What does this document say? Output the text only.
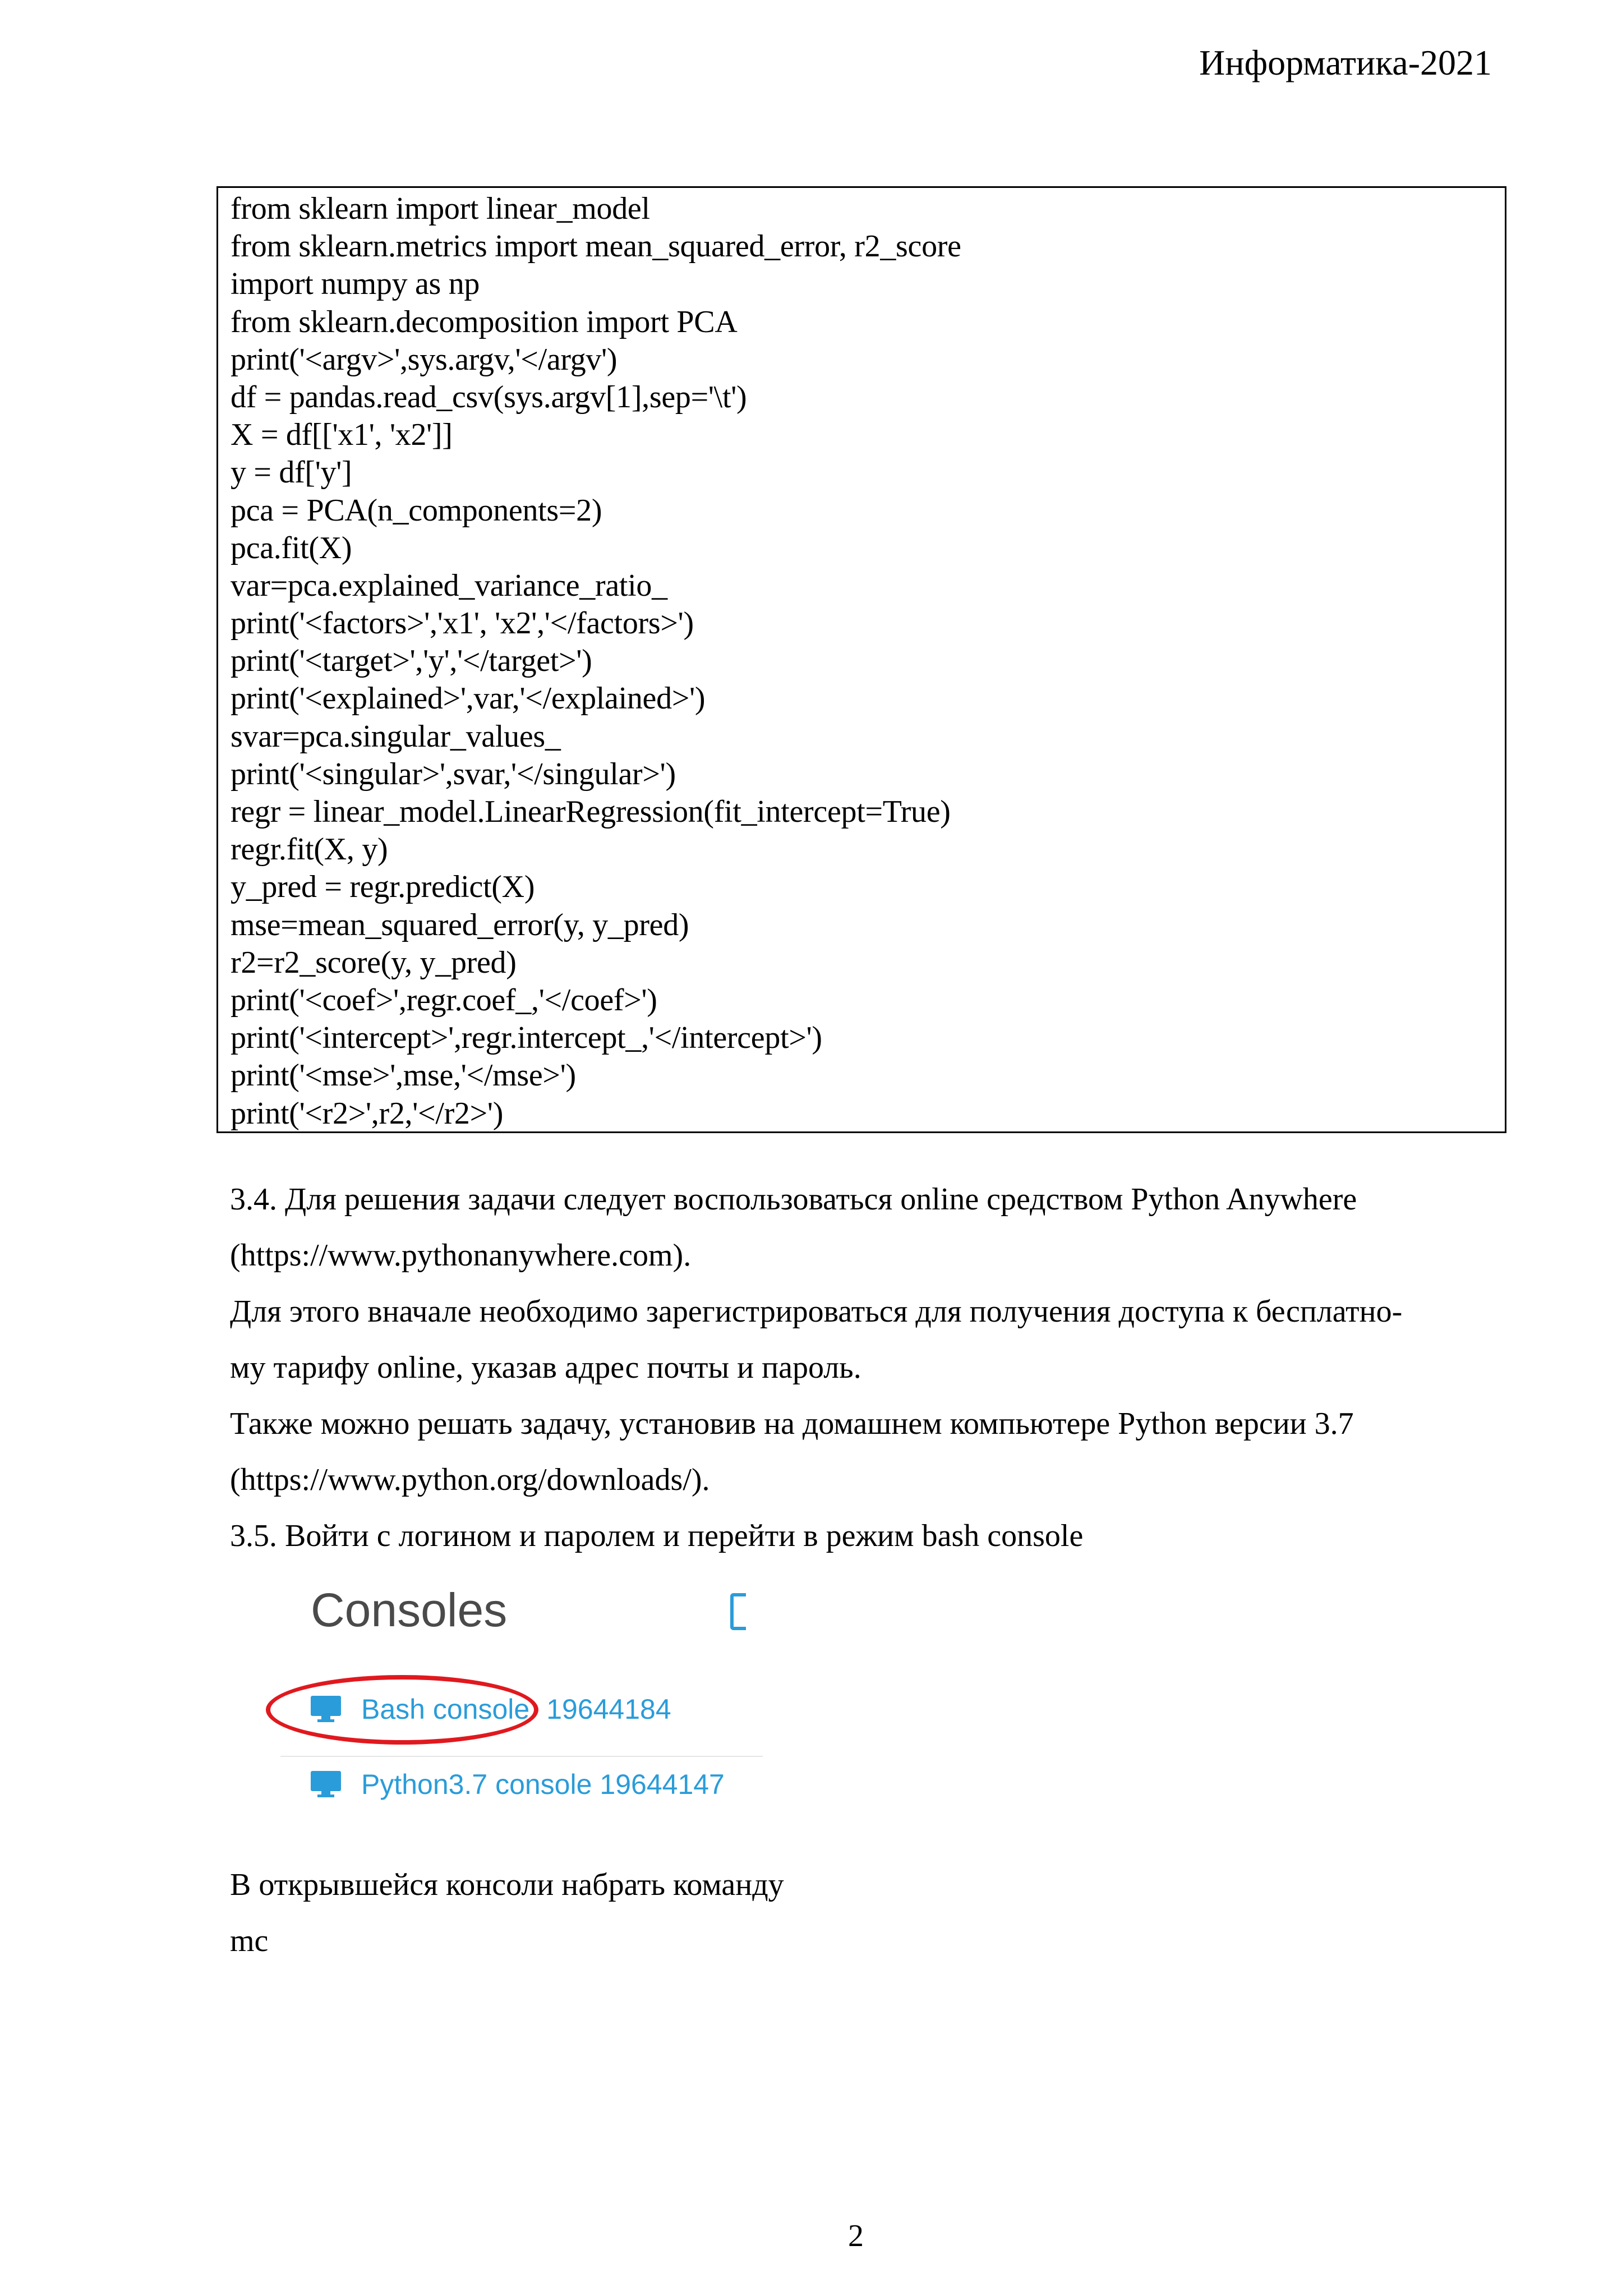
Информатика-2021
from sklearn import linear_model
from sklearn.metrics import mean_squared_error, r2_score
import numpy as np
from sklearn.decomposition import PCA
print('<argv>',sys.argv,'</argv')
df = pandas.read_csv(sys.argv[1],sep='\t')
X = df[['x1', 'x2']]
y = df['y']
pca = PCA(n_components=2)
pca.fit(X)
var=pca.explained_variance_ratio_
print('<factors>','x1', 'x2','</factors>')
print('<target>','y','</target>')
print('<explained>',var,'</explained>')
svar=pca.singular_values_
print('<singular>',svar,'</singular>')
regr = linear_model.LinearRegression(fit_intercept=True)
regr.fit(X, y)
y_pred = regr.predict(X)
mse=mean_squared_error(y, y_pred)
r2=r2_score(y, y_pred)
print('<coef>',regr.coef_,'</coef>')
print('<intercept>',regr.intercept_,'</intercept>')
print('<mse>',mse,'</mse>')
print('<r2>',r2,'</r2>')
3.4. Для решения задачи следует воспользоваться online средством Python Anywhere
(https://www.pythonanywhere.com).
Для этого вначале необходимо зарегистрироваться для получения доступа к бесплатно-
му тарифу online, указав адрес почты и пароль.
Также можно решать задачу, установив на домашнем компьютере Python версии 3.7
(https://www.python.org/downloads/).
3.5. Войти с логином и паролем и перейти в режим bash console
Consoles
Bash console 19644184
Python3.7 console 19644147
В открывшейся консоли набрать команду
mc
2
